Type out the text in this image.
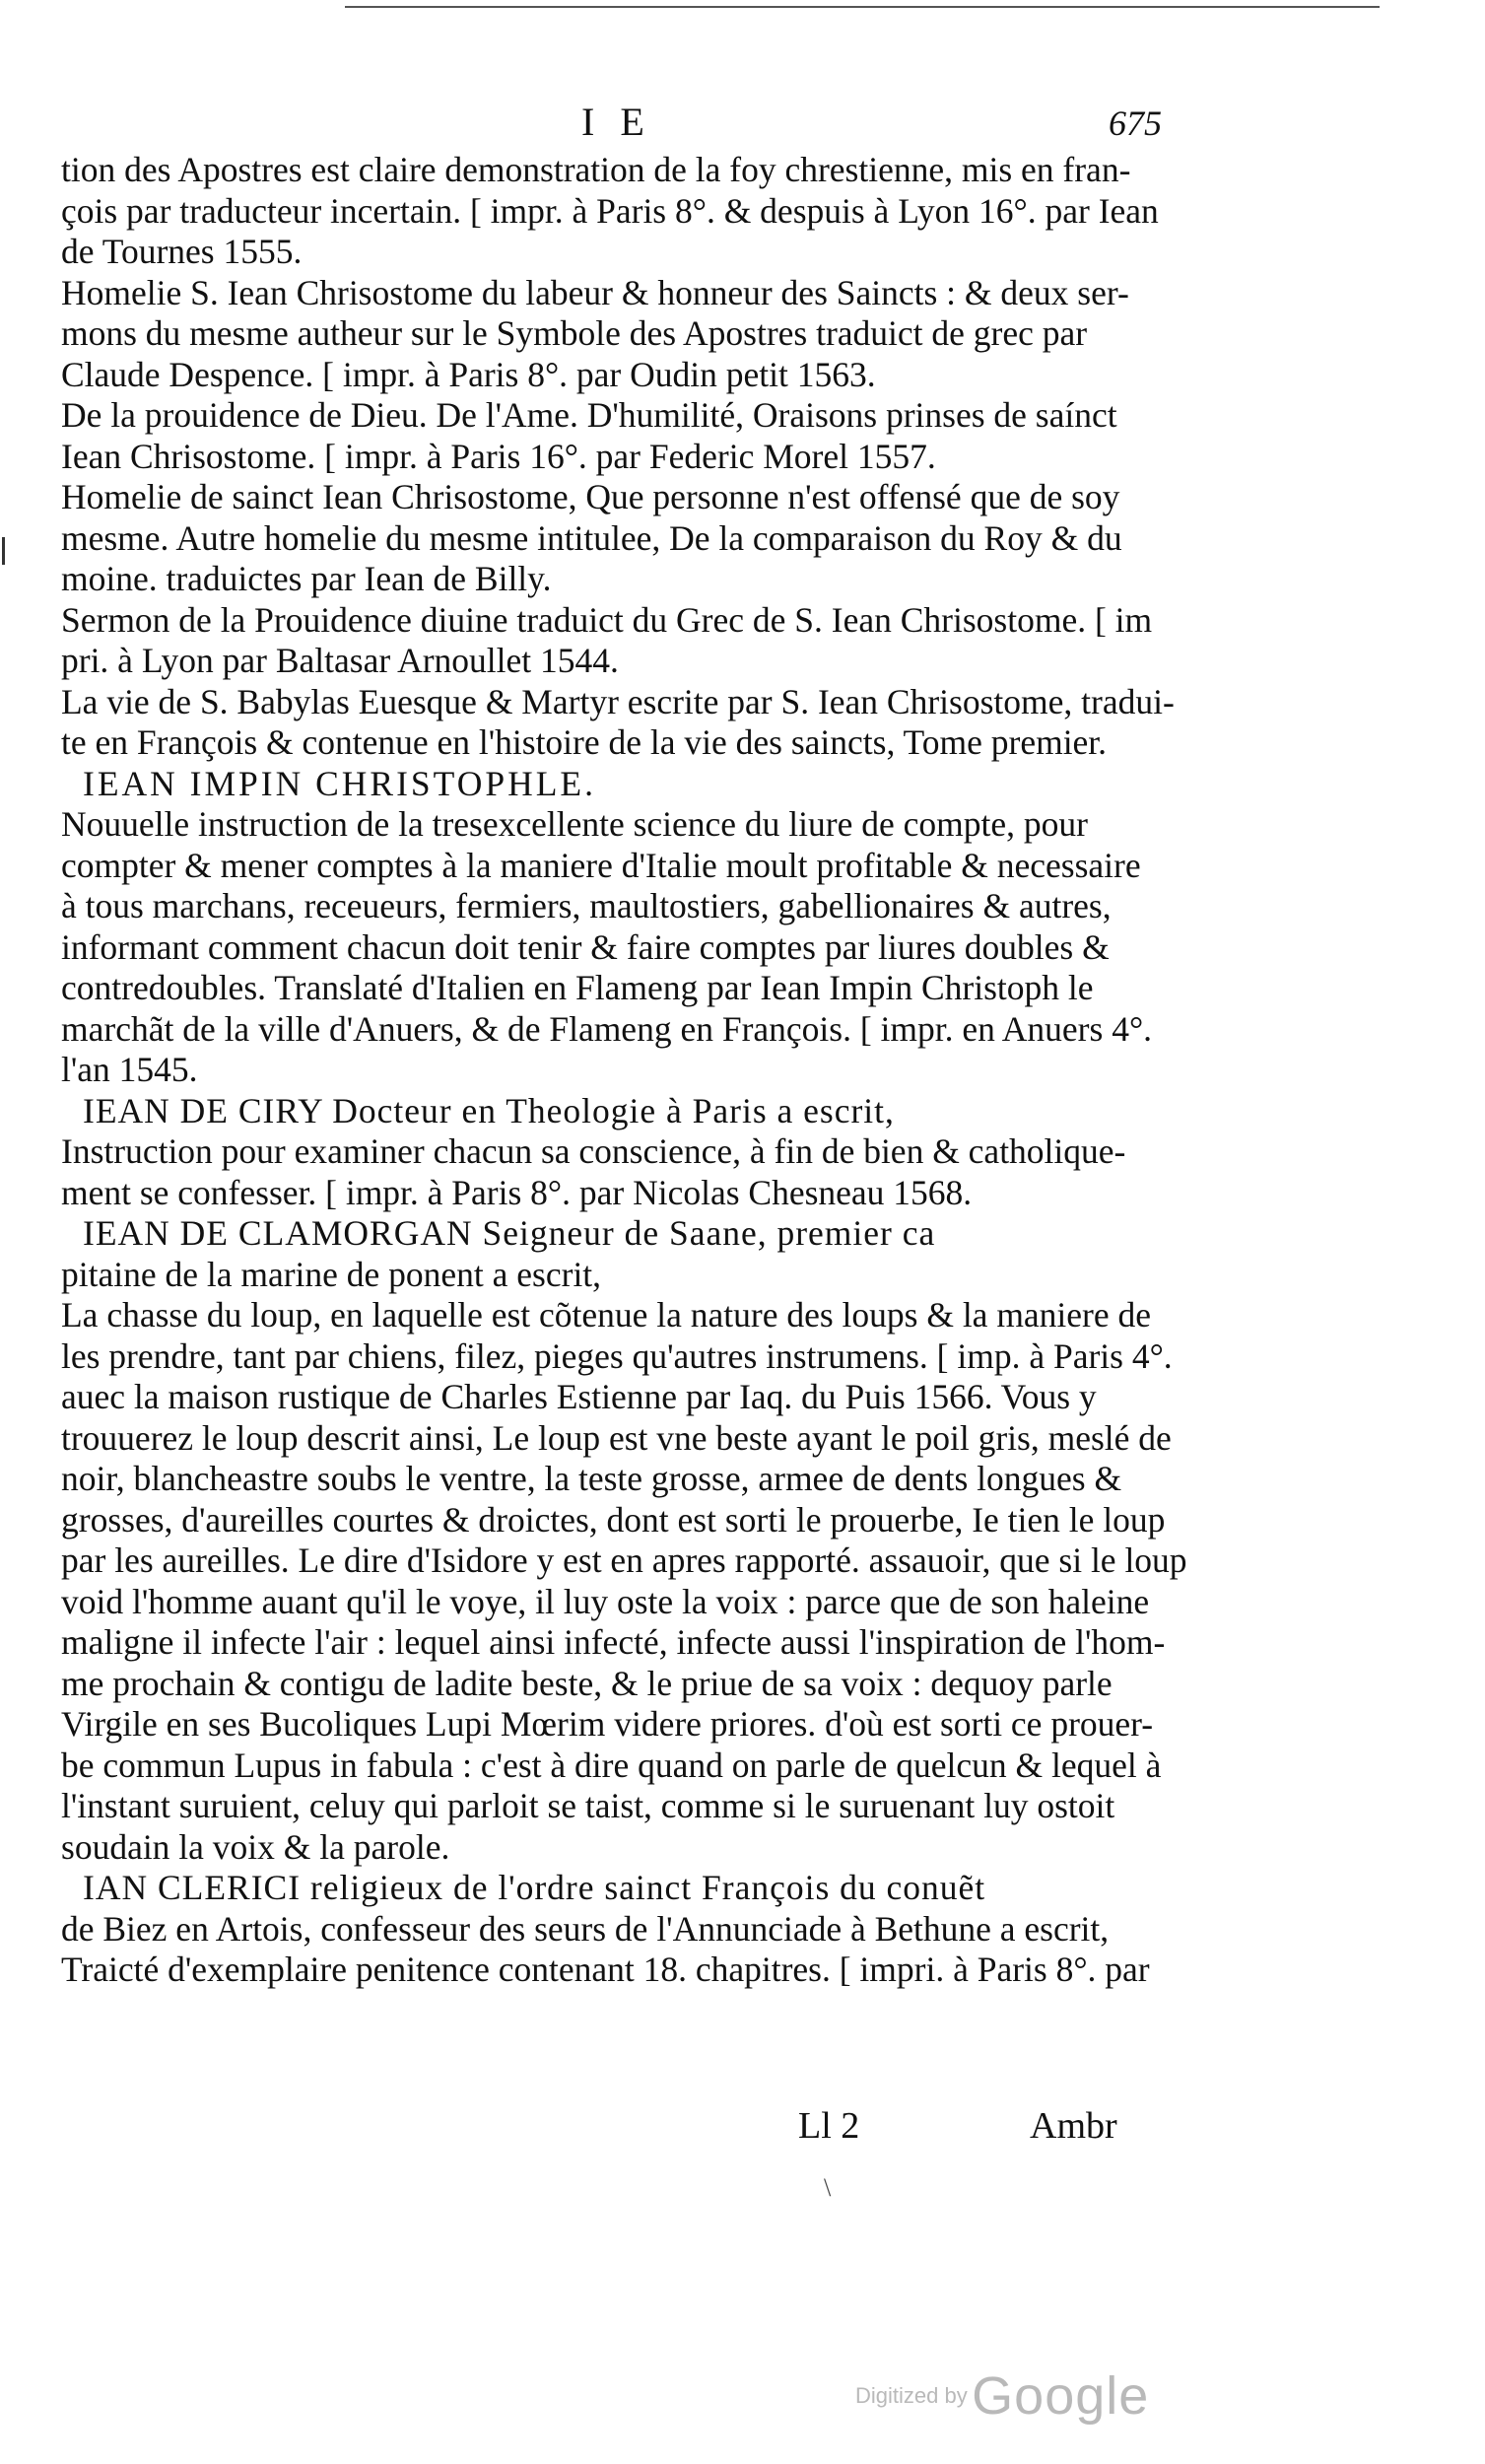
I E	675
tion des Apostres est claire demonstration de la foy chrestienne, mis en fran-
çois par traducteur incertain. [ impr. à Paris 8°. & despuis à Lyon 16°. par Iean
de Tournes 1555.
Homelie S. Iean Chrisostome du labeur & honneur des Saincts : & deux ser-
mons du mesme autheur sur le Symbole des Apostres traduict de grec par
Claude Despence. [ impr. à Paris 8°. par Oudin petit 1563.
De la prouidence de Dieu. De l'Ame. D'humilité, Oraisons prinses de saínct
Iean Chrisostome. [ impr. à Paris 16°. par Federic Morel 1557.
Homelie de sainct Iean Chrisostome, Que personne n'est offensé que de soy
mesme. Autre homelie du mesme intitulee, De la comparaison du Roy & du
moine. traduictes par Iean de Billy.
Sermon de la Prouidence diuine traduict du Grec de S. Iean Chrisostome. [ im
pri. à Lyon par Baltasar Arnoullet 1544.
La vie de S. Babylas Euesque & Martyr escrite par S. Iean Chrisostome, tradui-
te en François & contenue en l'histoire de la vie des saincts, Tome premier.
IEAN IMPIN CHRISTOPHLE.
Nouuelle instruction de la tresexcellente science du liure de compte, pour
compter & mener comptes à la maniere d'Italie moult profitable & necessaire
à tous marchans, receueurs, fermiers, maultostiers, gabellionaires & autres,
informant comment chacun doit tenir & faire comptes par liures doubles &
contredoubles. Translaté d'Italien en Flameng par Iean Impin Christoph le
marchãt de la ville d'Anuers, & de Flameng en François. [ impr. en Anuers 4°.
l'an 1545.
IEAN DE CIRY Docteur en Theologie à Paris a escrit,
Instruction pour examiner chacun sa conscience, à fin de bien & catholique-
ment se confesser. [ impr. à Paris 8°. par Nicolas Chesneau 1568.
IEAN DE CLAMORGAN Seigneur de Saane, premier ca
pitaine de la marine de ponent a escrit,
La chasse du loup, en laquelle est cõtenue la nature des loups & la maniere de
les prendre, tant par chiens, filez, pieges qu'autres instrumens. [ imp. à Paris 4°.
auec la maison rustique de Charles Estienne par Iaq. du Puis 1566. Vous y
trouuerez le loup descrit ainsi, Le loup est vne beste ayant le poil gris, meslé de
noir, blancheastre soubs le ventre, la teste grosse, armee de dents longues &
grosses, d'aureilles courtes & droictes, dont est sorti le prouerbe, Ie tien le loup
par les aureilles. Le dire d'Isidore y est en apres rapporté. assauoir, que si le loup
void l'homme auant qu'il le voye, il luy oste la voix : parce que de son haleine
maligne il infecte l'air : lequel ainsi infecté, infecte aussi l'inspiration de l'hom-
me prochain & contigu de ladite beste, & le priue de sa voix : dequoy parle
Virgile en ses Bucoliques Lupi Mœrim videre priores. d'où est sorti ce prouer-
be commun Lupus in fabula : c'est à dire quand on parle de quelcun & lequel à
l'instant suruient, celuy qui parloit se taist, comme si le suruenant luy ostoit
soudain la voix & la parole.
IAN CLERICI religieux de l'ordre sainct François du conuẽt
de Biez en Artois, confesseur des seurs de l'Annunciade à Bethune a escrit,
Traicté d'exemplaire penitence contenant 18. chapitres. [ impri. à Paris 8°. par
Ll 2	Ambr
\
Digitized by Google
